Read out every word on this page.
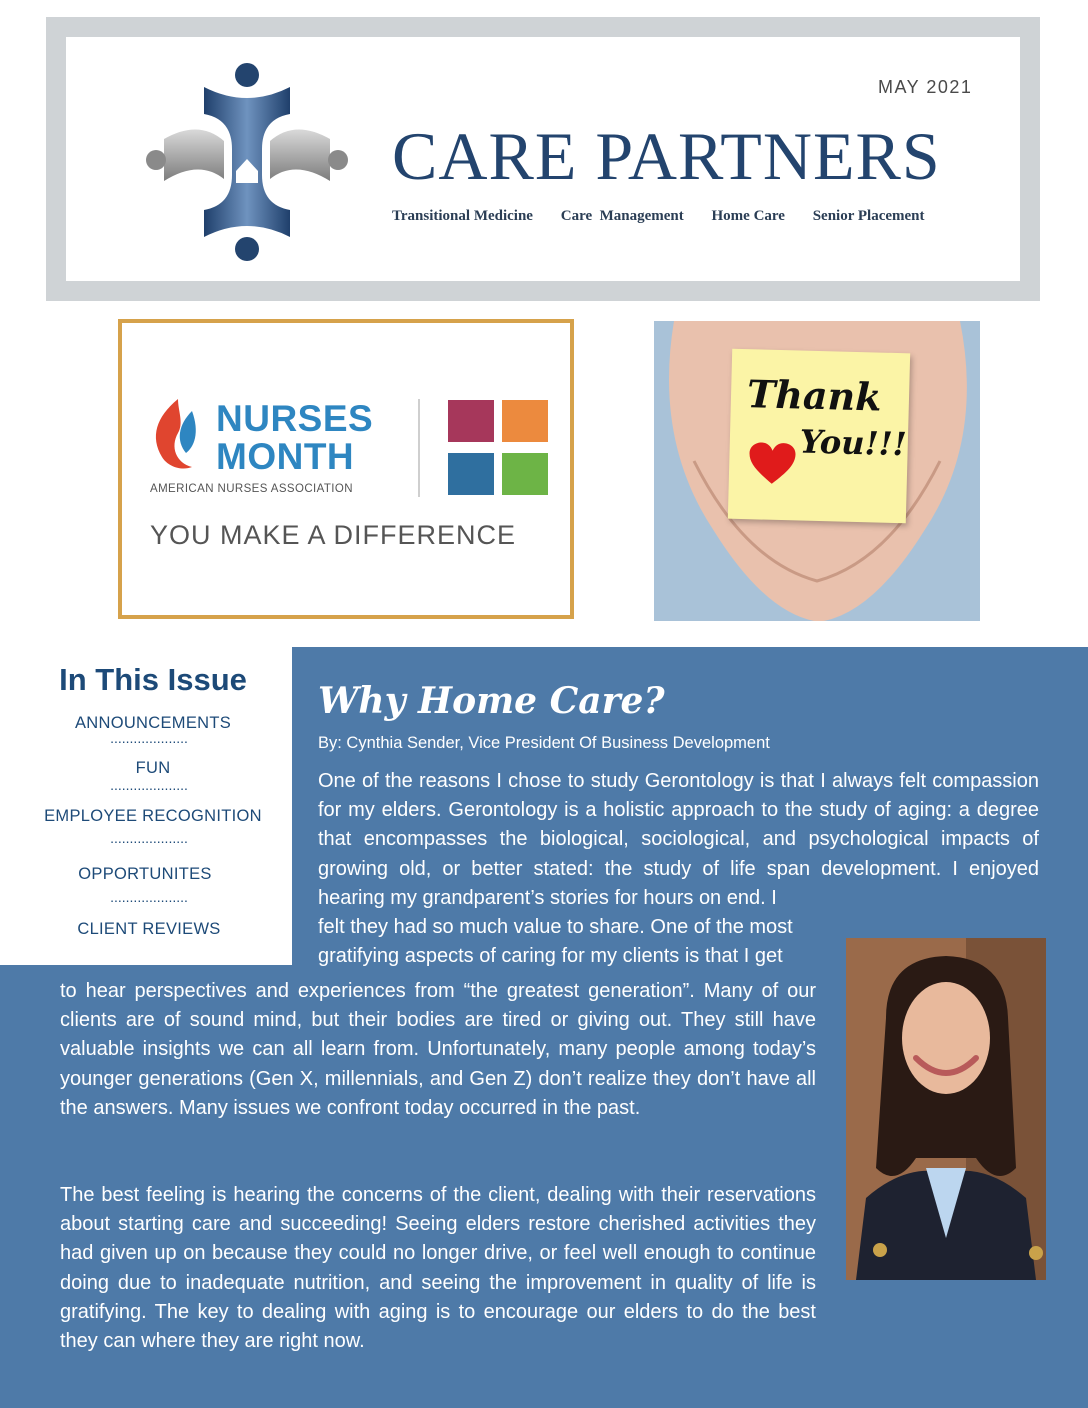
MAY 2021
CARE PARTNERS
Transitional Medicine Care  Management Home Care Senior Placement
NURSES
MONTH
AMERICAN NURSES ASSOCIATION
YOU MAKE A DIFFERENCE
Thank
You!!!
In This Issue
ANNOUNCEMENTS
....................
FUN
....................
EMPLOYEE RECOGNITION
....................
OPPORTUNITES
....................
CLIENT REVIEWS
Why Home Care?
By: Cynthia Sender, Vice President Of Business Development

One of the reasons I chose to study Gerontology is that I always felt compassion for my elders. Gerontology is a holistic approach to the study of aging: a degree that encompasses the biological, sociological, and psychological impacts of growing old, or better stated: the study of life span development. I enjoyed hearing my grandparent’s stories for hours on end. I

felt they had so much value to share. One of the most gratifying aspects of caring for my clients is that I get

to hear perspectives and experiences from “the greatest generation”. Many of our clients are of sound mind, but their bodies are tired or giving out. They still have valuable insights we can all learn from. Unfortunately, many people among today’s younger generations (Gen X, millennials, and Gen Z) don’t realize they don’t have all the answers. Many issues we confront today occurred in the past.

The best feeling is hearing the concerns of the client, dealing with their reservations about starting care and succeeding! Seeing elders restore cherished activities they had given up on because they could no longer drive, or feel well enough to continue doing due to inadequate nutrition, and seeing the improvement in quality of life is gratifying. The key to dealing with aging is to encourage our elders to do the best they can where they are right now.
